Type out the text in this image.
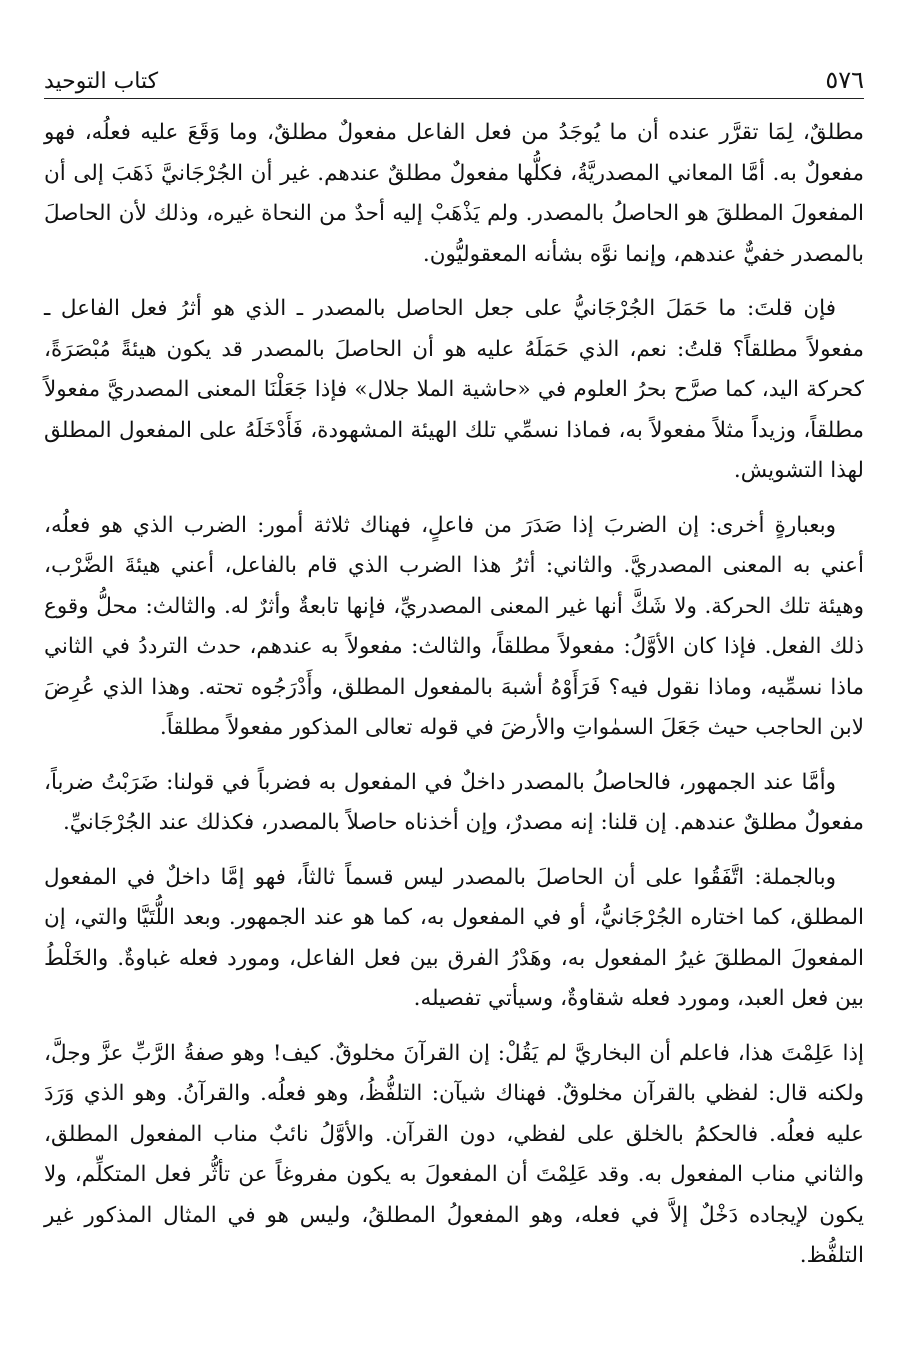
٥٧٦
كتاب التوحيد

مطلقٌ، لِمَا تقرَّر عنده أن ما يُوجَدُ من فعل الفاعل مفعولٌ مطلقٌ، وما وَقَعَ عليه فعلُه، فهو مفعولٌ به. أمَّا المعاني المصدريَّةُ، فكلُّها مفعولٌ مطلقٌ عندهم. غير أن الجُرْجَانيَّ ذَهَبَ إلى أن المفعولَ المطلقَ هو الحاصلُ بالمصدر. ولم يَذْهَبْ إليه أحدٌ من النحاة غيره، وذلك لأن الحاصلَ بالمصدر خفيٌّ عندهم، وإنما نوَّه بشأنه المعقوليُّون.

فإن قلتَ: ما حَمَلَ الجُرْجَانيُّ على جعل الحاصل بالمصدر ـ الذي هو أثرُ فعل الفاعل ـ مفعولاً مطلقاً؟ قلتُ: نعم، الذي حَمَلَهُ عليه هو أن الحاصلَ بالمصدر قد يكون هيئةً مُبْصَرَةً، كحركة اليد، كما صرَّح بحرُ العلوم في «حاشية الملا جلال» فإذا جَعَلْنَا المعنى المصدريَّ مفعولاً مطلقاً، وزيداً مثلاً مفعولاً به، فماذا نسمِّي تلك الهيئة المشهودة، فَأَدْخَلَهُ على المفعول المطلق لهذا التشويش.

وبعبارةٍ أخرى: إن الضربَ إذا صَدَرَ من فاعلٍ، فهناك ثلاثة أمور: الضرب الذي هو فعلُه، أعني به المعنى المصدريَّ. والثاني: أثرُ هذا الضرب الذي قام بالفاعل، أعني هيئةَ الضَّرْب، وهيئة تلك الحركة. ولا شَكَّ أنها غير المعنى المصدريِّ، فإنها تابعةٌ وأثرٌ له. والثالث: محلُّ وقوع ذلك الفعل. فإذا كان الأوَّلُ: مفعولاً مطلقاً، والثالث: مفعولاً به عندهم، حدث الترددُ في الثاني ماذا نسمِّيه، وماذا نقول فيه؟ فَرَأَوْهُ أشبهَ بالمفعول المطلق، وأَدْرَجُوه تحته. وهذا الذي عُرِضَ لابن الحاجب حيث جَعَلَ السمٰواتِ والأرضَ في قوله تعالى المذكور مفعولاً مطلقاً.

وأمَّا عند الجمهور، فالحاصلُ بالمصدر داخلٌ في المفعول به فضرباً في قولنا: ضَرَبْتُ ضرباً، مفعولٌ مطلقٌ عندهم. إن قلنا: إنه مصدرٌ، وإن أخذناه حاصلاً بالمصدر، فكذلك عند الجُرْجَانيِّ.

وبالجملة: اتَّفَقُوا على أن الحاصلَ بالمصدر ليس قسماً ثالثاً، فهو إمَّا داخلٌ في المفعول المطلق، كما اختاره الجُرْجَانيُّ، أو في المفعول به، كما هو عند الجمهور. وبعد اللُّتَيَّا والتي، إن المفعولَ المطلقَ غيرُ المفعول به، وهَدْرُ الفرق بين فعل الفاعل، ومورد فعله غباوةٌ. والخَلْطُ بين فعل العبد، ومورد فعله شقاوةٌ، وسيأتي تفصيله.

إذا عَلِمْتَ هذا، فاعلم أن البخاريَّ لم يَقُلْ: إن القرآنَ مخلوقٌ. كيف! وهو صفةُ الرَّبِّ عزَّ وجلَّ، ولكنه قال: لفظي بالقرآن مخلوقٌ. فهناك شيآن: التلفُّظُ، وهو فعلُه. والقرآنُ. وهو الذي وَرَدَ عليه فعلُه. فالحكمُ بالخلق على لفظي، دون القرآن. والأوَّلُ نائبٌ مناب المفعول المطلق، والثاني مناب المفعول به. وقد عَلِمْتَ أن المفعولَ به يكون مفروغاً عن تأثُّر فعل المتكلِّم، ولا يكون لإيجاده دَخْلٌ إلاَّ في فعله، وهو المفعولُ المطلقُ، وليس هو في المثال المذكور غير التلفُّظ.
